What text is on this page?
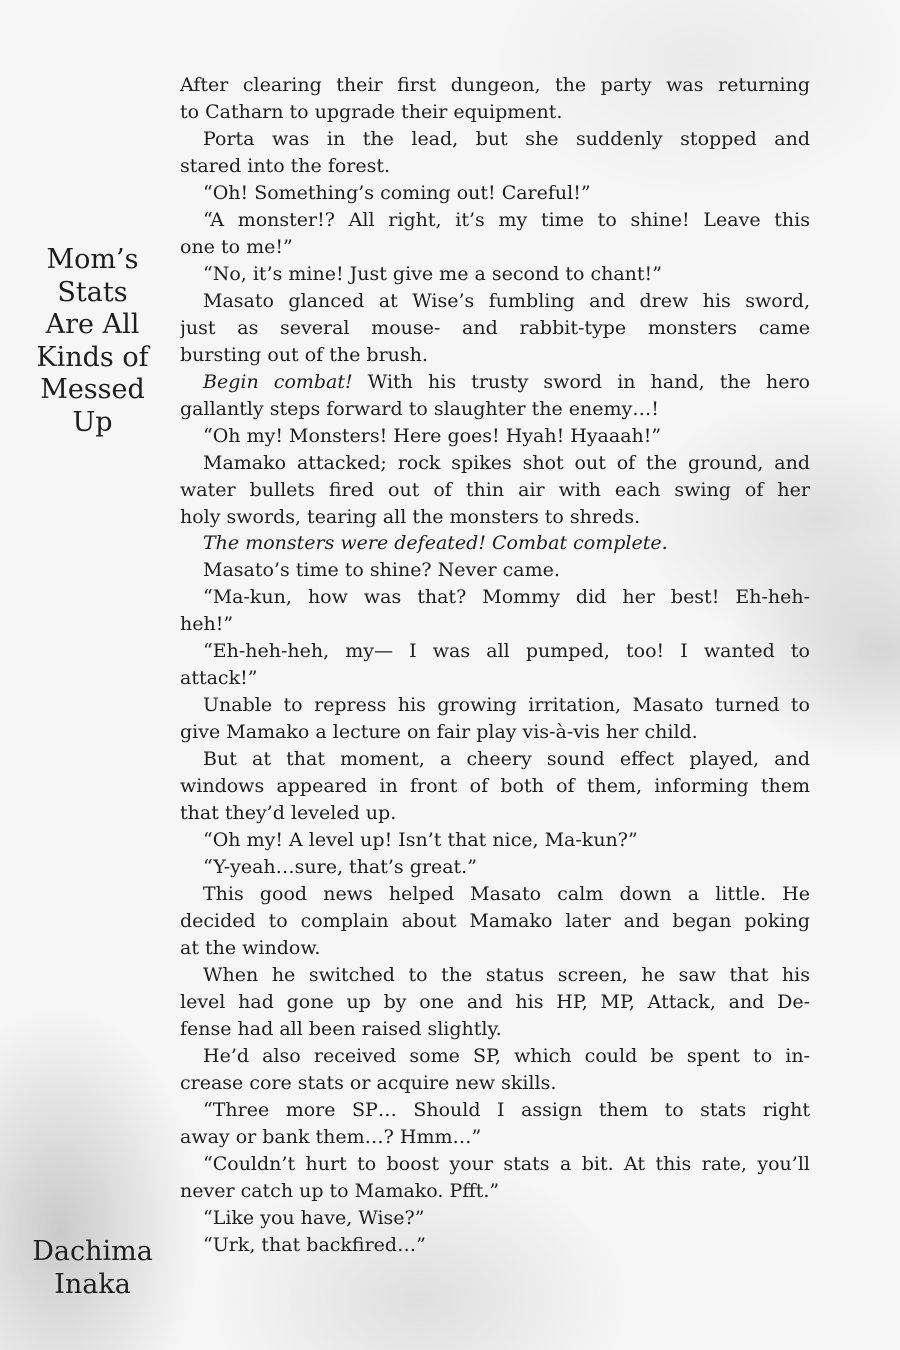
Mom’s
Stats
Are All
Kinds of
Messed
Up
Dachima
Inaka
After clearing their first dungeon, the party was returning
to Catharn to upgrade their equipment.
Porta was in the lead, but she suddenly stopped and
stared into the forest.
“Oh! Something’s coming out! Careful!”
“A monster!? All right, it’s my time to shine! Leave this
one to me!”
“No, it’s mine! Just give me a second to chant!”
Masato glanced at Wise’s fumbling and drew his sword,
just as several mouse- and rabbit-type monsters came
bursting out of the brush.
Begin combat! With his trusty sword in hand, the hero
gallantly steps forward to slaughter the enemy…!
“Oh my! Monsters! Here goes! Hyah! Hyaaah!”
Mamako attacked; rock spikes shot out of the ground, and
water bullets fired out of thin air with each swing of her
holy swords, tearing all the monsters to shreds.
The monsters were defeated! Combat complete.
Masato’s time to shine? Never came.
“Ma-kun, how was that? Mommy did her best! Eh-heh-
heh!”
“Eh-heh-heh, my— I was all pumped, too! I wanted to
attack!”
Unable to repress his growing irritation, Masato turned to
give Mamako a lecture on fair play vis-à-vis her child.
But at that moment, a cheery sound effect played, and
windows appeared in front of both of them, informing them
that they’d leveled up.
“Oh my! A level up! Isn’t that nice, Ma-kun?”
“Y-yeah…sure, that’s great.”
This good news helped Masato calm down a little. He
decided to complain about Mamako later and began poking
at the window.
When he switched to the status screen, he saw that his
level had gone up by one and his HP, MP, Attack, and De-
fense had all been raised slightly.
He’d also received some SP, which could be spent to in-
crease core stats or acquire new skills.
“Three more SP… Should I assign them to stats right
away or bank them…? Hmm…”
“Couldn’t hurt to boost your stats a bit. At this rate, you’ll
never catch up to Mamako. Pfft.”
“Like you have, Wise?”
“Urk, that backfired…”
